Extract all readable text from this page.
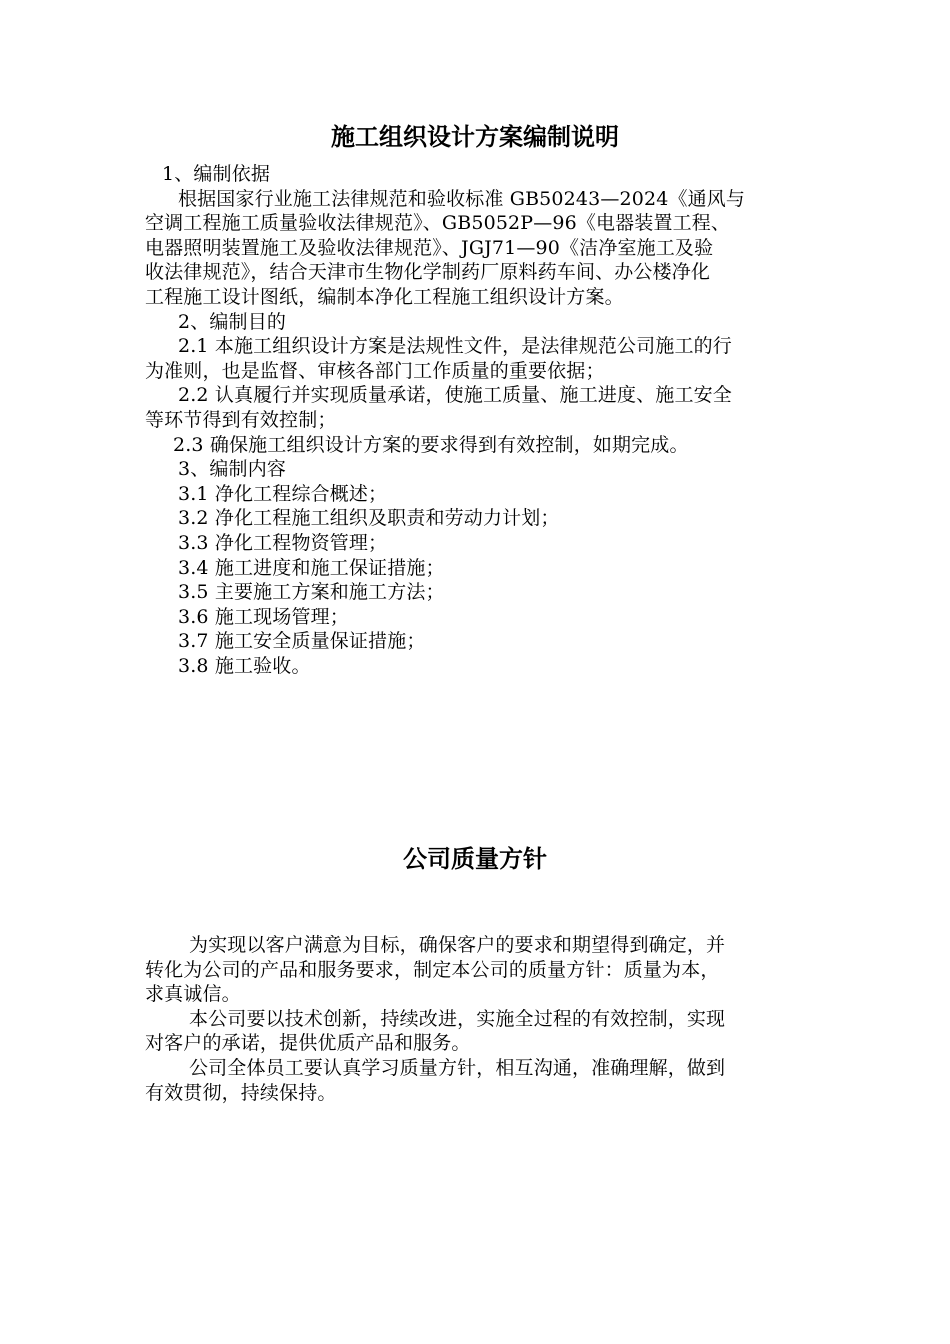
施工组织设计方案编制说明
1、编制依据
根据国家行业施工法律规范和验收标准 GB50243—2024《通风与
空调工程施工质量验收法律规范》、GB5052P—96《电器装置工程、
电器照明装置施工及验收法律规范》、JGJ71—90《洁净室施工及验
收法律规范》，结合天津市生物化学制药厂原料药车间、办公楼净化
工程施工设计图纸，编制本净化工程施工组织设计方案。
2、编制目的
2.1 本施工组织设计方案是法规性文件，是法律规范公司施工的行
为准则，也是监督、审核各部门工作质量的重要依据；
2.2 认真履行并实现质量承诺，使施工质量、施工进度、施工安全
等环节得到有效控制；
2.3 确保施工组织设计方案的要求得到有效控制，如期完成。
3、编制内容
3.1 净化工程综合概述；
3.2 净化工程施工组织及职责和劳动力计划；
3.3 净化工程物资管理；
3.4 施工进度和施工保证措施；
3.5 主要施工方案和施工方法；
3.6 施工现场管理；
3.7 施工安全质量保证措施；
3.8 施工验收。
公司质量方针
为实现以客户满意为目标，确保客户的要求和期望得到确定，并
转化为公司的产品和服务要求，制定本公司的质量方针：质量为本，
求真诚信。
本公司要以技术创新，持续改进，实施全过程的有效控制，实现
对客户的承诺，提供优质产品和服务。
公司全体员工要认真学习质量方针，相互沟通，准确理解，做到
有效贯彻，持续保持。
